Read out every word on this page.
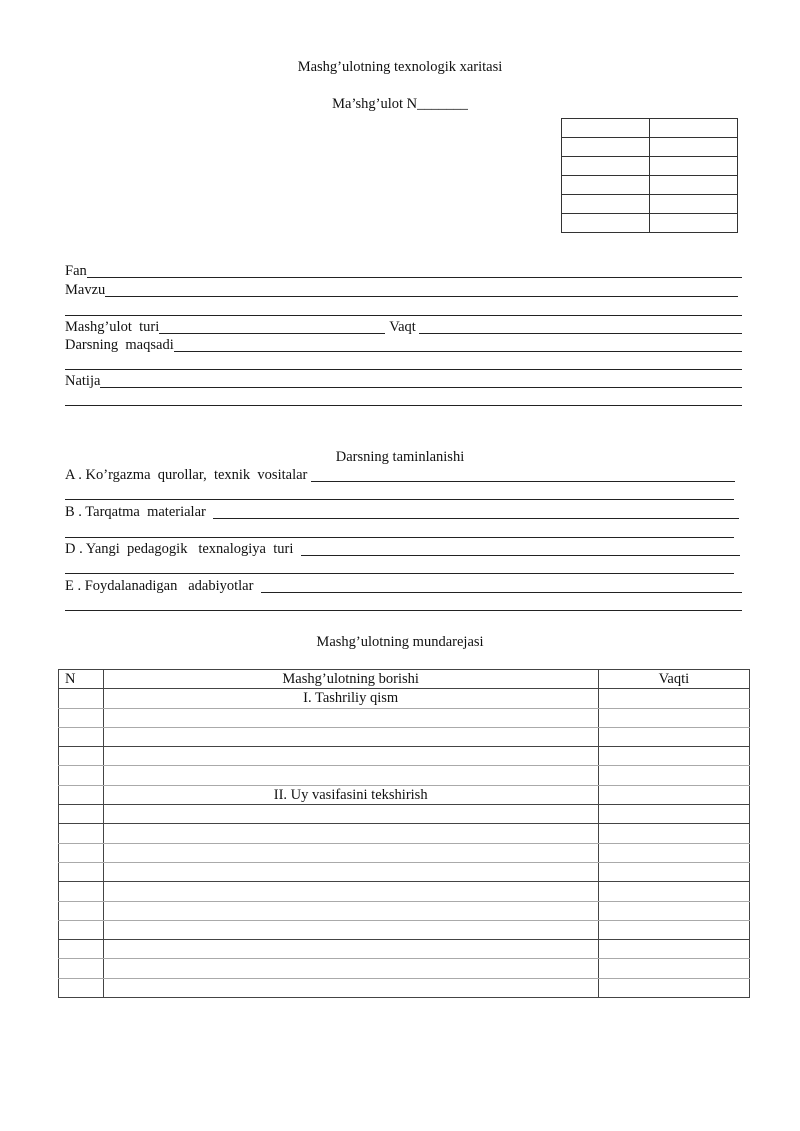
Mashg’ulotning texnologik xaritasi
Ma’shg’ulot N_______

Fan
Mavzu
Mashg’ulot  turi	Vaqt
Darsning  maqsadi
Natija
Darsning taminlanishi
A . Ko’rgazma  qurollar,  texnik  vositalar
B . Tarqatma  materialar
D . Yangi  pedagogik   texnalogiya  turi
E . Foydalanadigan   adabiyotlar
Mashg’ulotning mundarejasi
N	Mashg’ulotning borishi	Vaqti
	I. Tashriliy qism	

	II. Uy vasifasini tekshirish	
